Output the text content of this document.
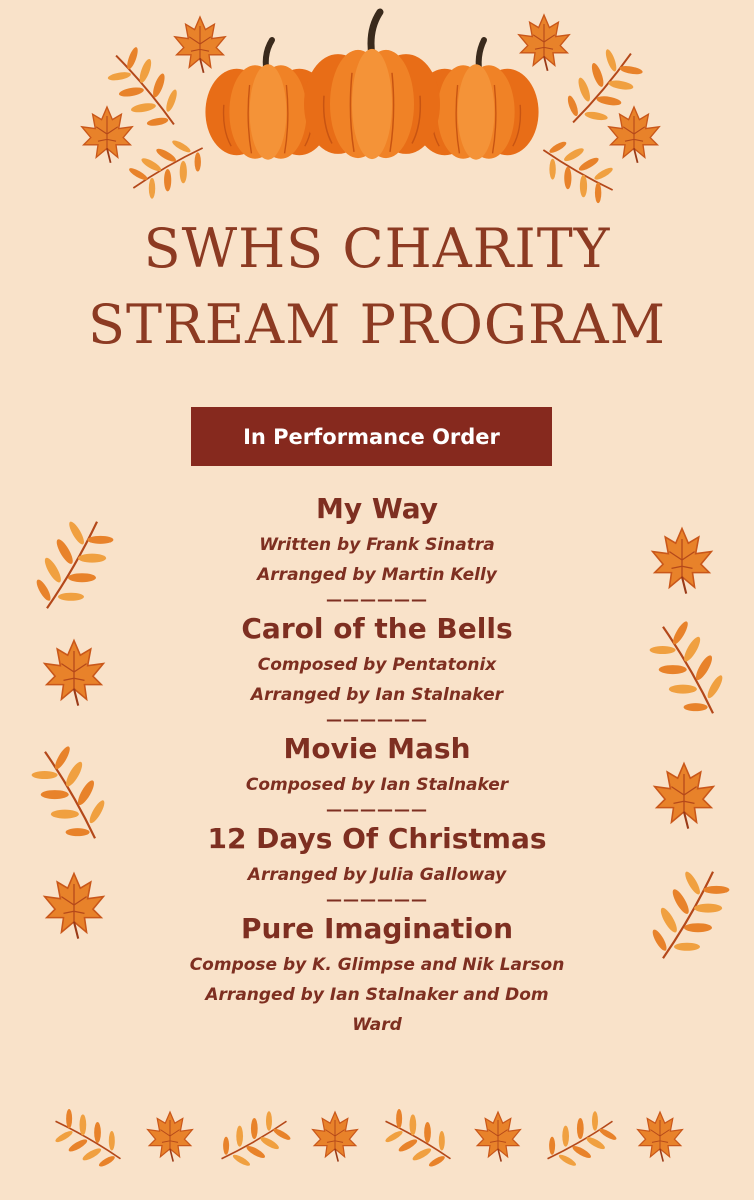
SWHS CHARITY
STREAM PROGRAM
In Performance Order
My Way
Written by Frank Sinatra
Arranged by Martin Kelly
——————
Carol of the Bells
Composed by Pentatonix
Arranged by Ian Stalnaker
——————
Movie Mash
Composed by Ian Stalnaker
——————
12 Days Of Christmas
Arranged by Julia Galloway
——————
Pure Imagination
Compose by K. Glimpse and Nik Larson
Arranged by Ian Stalnaker and Dom
Ward
